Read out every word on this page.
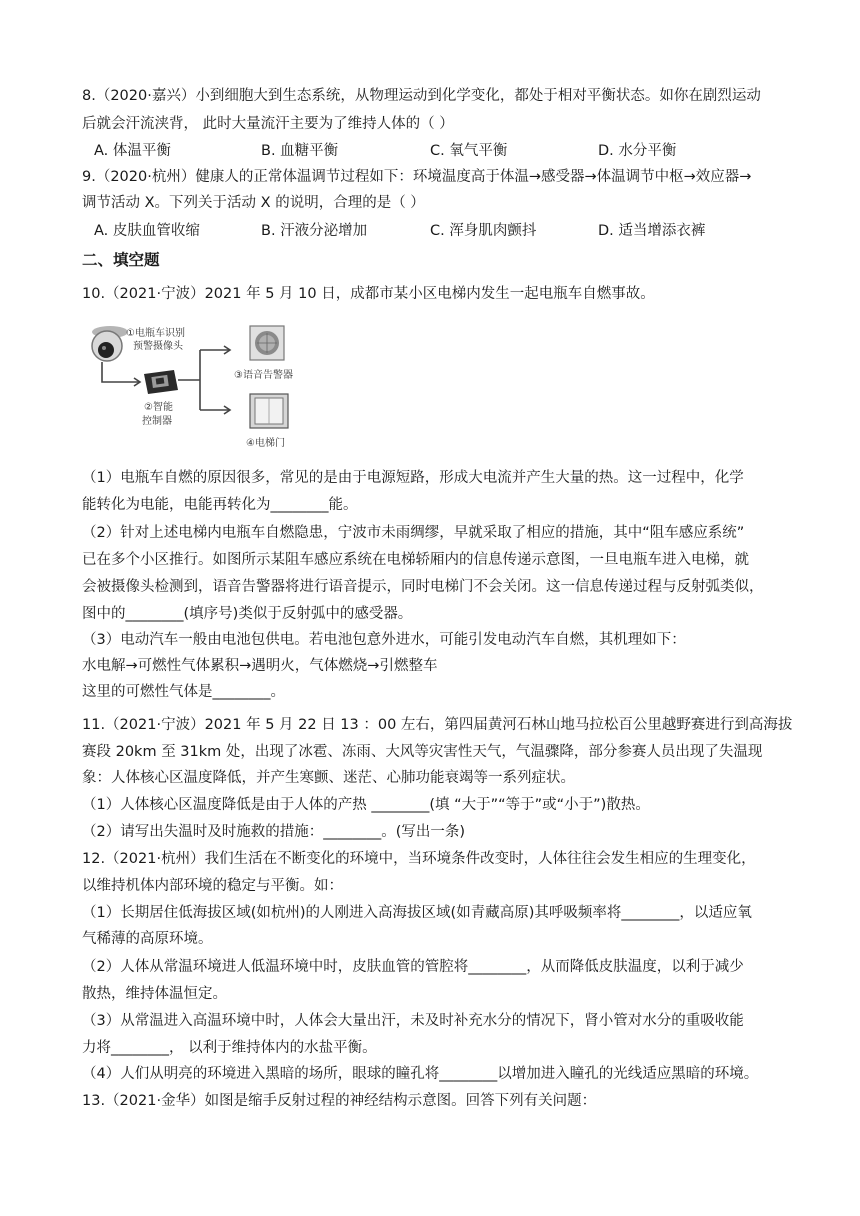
8.（2020·嘉兴）小到细胞大到生态系统，从物理运动到化学变化，都处于相对平衡状态。如你在剧烈运动
后就会汗流浃背， 此时大量流汗主要为了维持人体的（ ）
A. 体温平衡	B. 血糖平衡	C. 氧气平衡	D. 水分平衡
9.（2020·杭州）健康人的正常体温调节过程如下：环境温度高于体温→感受器→体温调节中枢→效应器→
调节活动 X。下列关于活动 X 的说明，合理的是（ ）
A. 皮肤血管收缩	B. 汗液分泌增加	C. 浑身肌肉颤抖	D. 适当增添衣裤
二、填空题
10.（2021·宁波）2021 年 5 月 10 日，成都市某小区电梯内发生一起电瓶车自燃事故。
①电瓶车识别
预警摄像头
②智能
控制器
③语音告警器
④电梯门
（1）电瓶车自燃的原因很多，常见的是由于电源短路，形成大电流并产生大量的热。这一过程中，化学
能转化为电能，电能再转化为________能。
（2）针对上述电梯内电瓶车自燃隐患，宁波市未雨绸缪，早就采取了相应的措施，其中“阻车感应系统”
已在多个小区推行。如图所示某阻车感应系统在电梯轿厢内的信息传递示意图，一旦电瓶车进入电梯，就
会被摄像头检测到，语音告警器将进行语音提示，同时电梯门不会关闭。这一信息传递过程与反射弧类似，
图中的________(填序号)类似于反射弧中的感受器。
（3）电动汽车一般由电池包供电。若电池包意外进水，可能引发电动汽车自燃，其机理如下：
水电解→可燃性气体累积→遇明火，气体燃烧→引燃整车
这里的可燃性气体是________。
11.（2021·宁波）2021 年 5 月 22 日 13 ：00 左右，第四届黄河石林山地马拉松百公里越野赛进行到高海拔
赛段 20km 至 31km 处，出现了冰雹、冻雨、大风等灾害性天气，气温骤降，部分参赛人员出现了失温现
象：人体核心区温度降低，并产生寒颤、迷茫、心肺功能衰竭等一系列症状。
（1）人体核心区温度降低是由于人体的产热 ________(填 “大于”“等于”或“小于”)散热。
（2）请写出失温时及时施救的措施：________。(写出一条)
12.（2021·杭州）我们生活在不断变化的环境中，当环境条件改变时，人体往往会发生相应的生理变化，
以维持机体内部环境的稳定与平衡。如：
（1）长期居住低海拔区域(如杭州)的人刚进入高海拔区域(如青藏高原)其呼吸频率将________，以适应氧
气稀薄的高原环境。
（2）人体从常温环境进人低温环境中时，皮肤血管的管腔将________，从而降低皮肤温度，以利于减少
散热，维持体温恒定。
（3）从常温进入高温环境中时，人体会大量出汗，未及时补充水分的情况下，肾小管对水分的重吸收能
力将________， 以利于维持体内的水盐平衡。
（4）人们从明亮的环境进入黑暗的场所，眼球的瞳孔将________以增加进入瞳孔的光线适应黑暗的环境。
13.（2021·金华）如图是缩手反射过程的神经结构示意图。回答下列有关问题：
